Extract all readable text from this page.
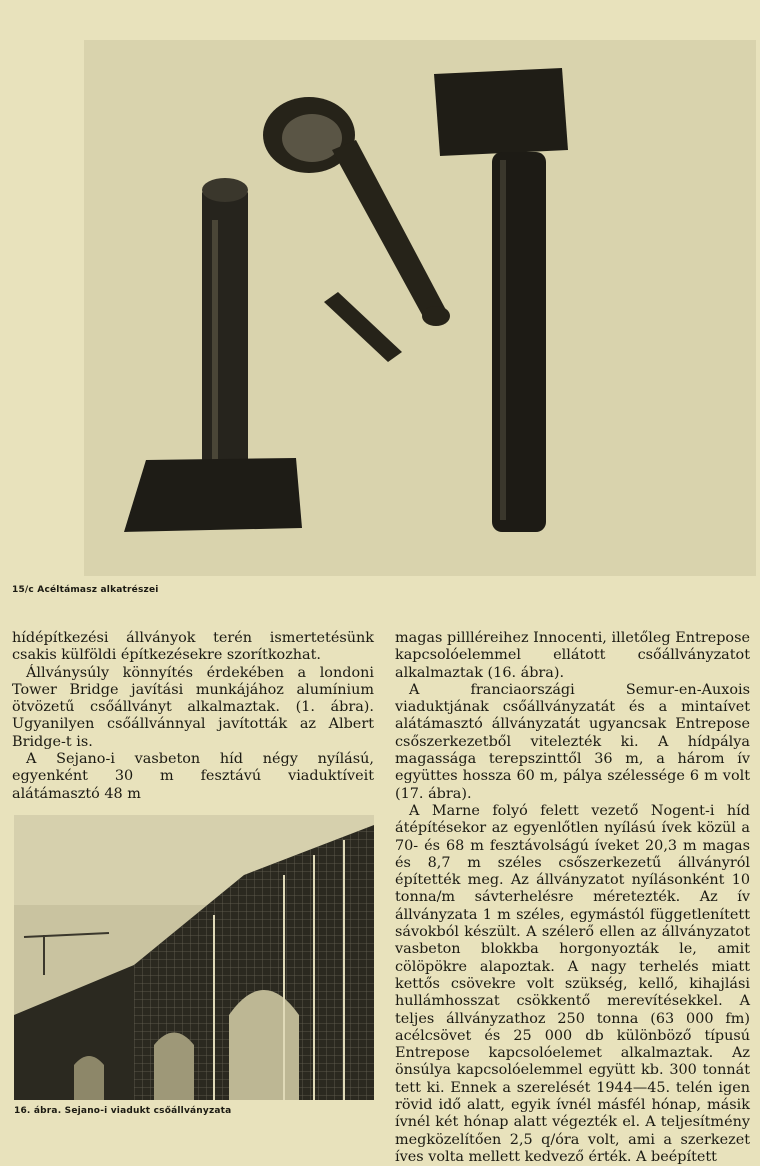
15/c Acéltámasz alkatrészei

hídépítkezési állványok terén ismertetésünk csakis külföldi építkezésekre szorítkozhat.

Állványsúly könnyítés érdekében a londoni Tower Bridge javítási munkájához alumínium ötvözetű csőállványt alkalmaztak. (1. ábra). Ugyanilyen csőállvánnyal javították az Albert Bridge-t is.

A Sejano-i vasbeton híd négy nyílású, egyenként 30 m fesztávú viaduktíveit alátámasztó 48 m

16. ábra. Sejano-i viadukt csőállványzata

magas pillléreihez Innocenti, illetőleg Entrepose kapcsolóelemmel ellátott csőállványzatot alkalmaztak (16. ábra).

A franciaországi Semur-en-Auxois viaduktjának csőállványzatát és a mintaívet alátámasztó állványzatát ugyancsak Entrepose csőszerkezetből vitelezték ki. A hídpálya magassága terepszinttől 36 m, a három ív együttes hossza 60 m, pálya szélessége 6 m volt (17. ábra).

A Marne folyó felett vezető Nogent-i híd átépítésekor az egyenlőtlen nyílású ívek közül a 70- és 68 m fesztávolságú íveket 20,3 m magas és 8,7 m széles csőszerkezetű állványról építették meg. Az állványzatot nyílásonként 10 tonna/m sávterhelésre méretezték. Az ív állványzata 1 m széles, egymástól függetlenített sávokból készült. A szélerő ellen az állványzatot vasbeton blokkba horgonyozták le, amit cölöpökre alapoztak. A nagy terhelés miatt kettős csövekre volt szükség, kellő, kihajlási hullámhosszat csökkentő merevítésekkel. A teljes állványzathoz 250 tonna (63 000 fm) acélcsövet és 25 000 db különböző típusú Entrepose kapcsolóelemet alkalmaztak. Az önsúlya kapcsolóelemmel együtt kb. 300 tonnát tett ki. Ennek a szerelését 1944—45. telén igen rövid idő alatt, egyik ívnél másfél hónap, másik ívnél két hónap alatt végezték el. A teljesítmény megközelítően 2,5 q/óra volt, ami a szerkezet íves volta mellett kedvező érték. A beépített
